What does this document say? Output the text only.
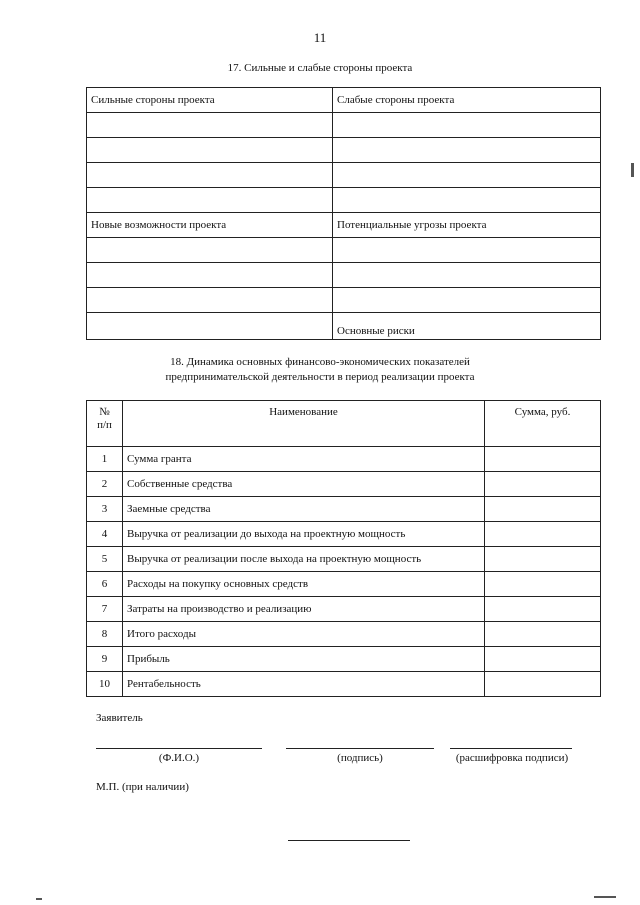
11
17. Сильные и слабые стороны проекта
Сильные стороны проекта	Слабые стороны проекта

Новые возможности проекта	Потенциальные угрозы проекта

	Основные риски
18. Динамика основных финансово-экономических показателей
предпринимательской деятельности в период реализации проекта
№
п/п	Наименование	Сумма, руб.
1	Сумма гранта	
2	Собственные средства	
3	Заемные средства	
4	Выручка от реализации до выхода на проектную мощность	
5	Выручка от реализации после выхода на проектную мощность	
6	Расходы на покупку основных средств	
7	Затраты на производство и реализацию	
8	Итого расходы	
9	Прибыль	
10	Рентабельность	
Заявитель
(Ф.И.О.)	(подпись)	(расшифровка подписи)
М.П. (при наличии)
